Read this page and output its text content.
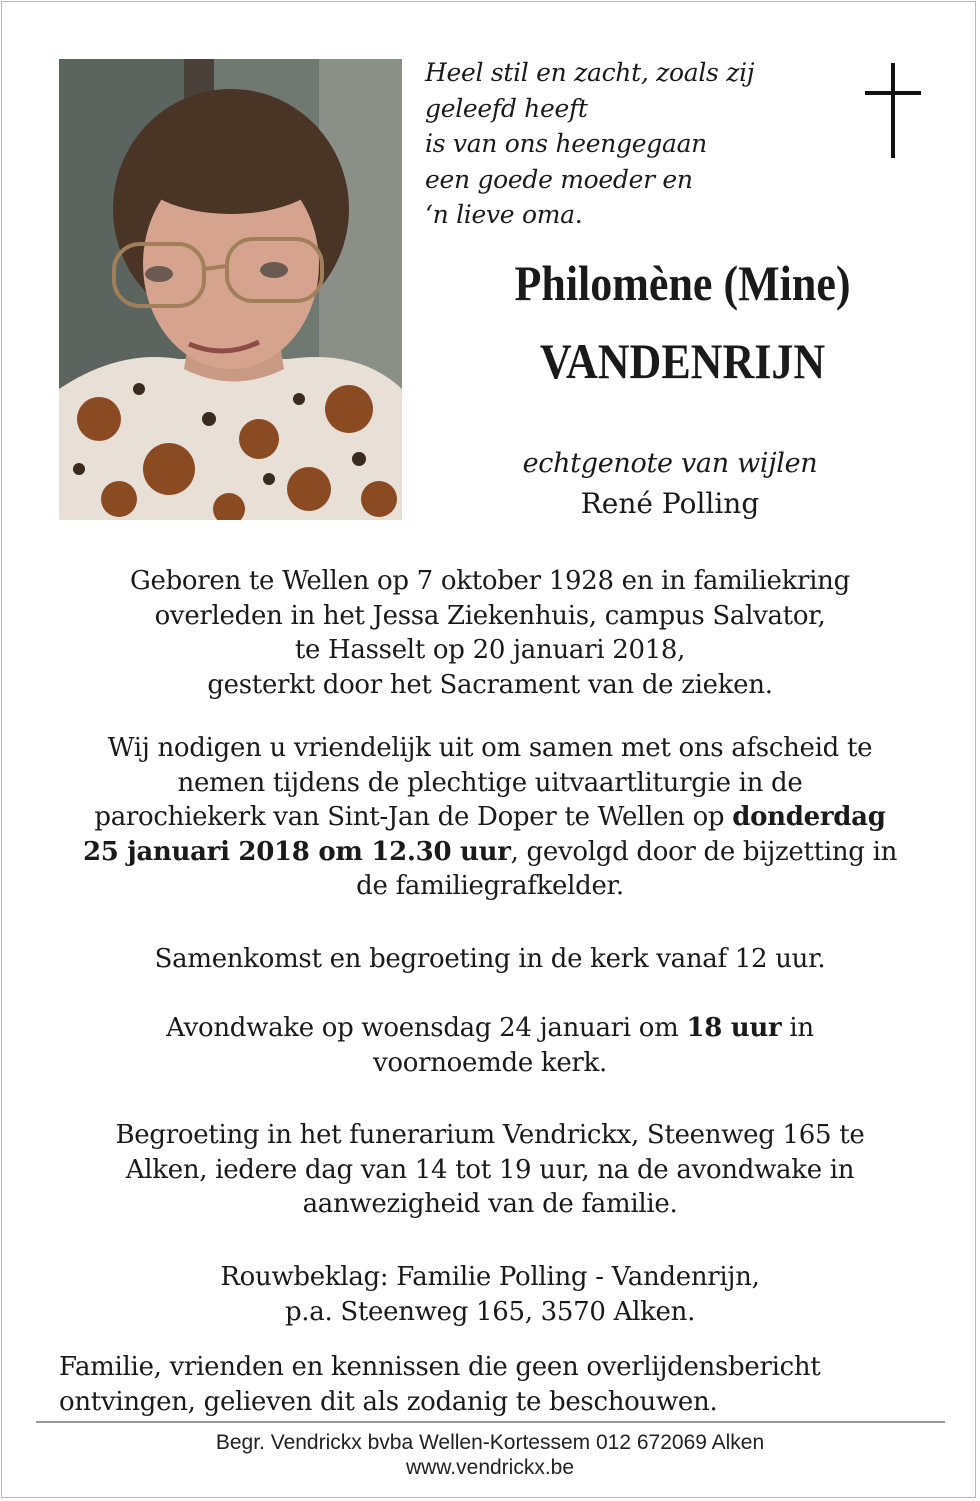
Heel stil en zacht, zoals zij
geleefd heeft
is van ons heengegaan
een goede moeder en
‘n lieve oma.
Philomène (Mine)
VANDENRIJN
echtgenote van wijlen
René Polling
Geboren te Wellen op 7 oktober 1928 en in familiekring
overleden in het Jessa Ziekenhuis, campus Salvator,
te Hasselt op 20 januari 2018,
gesterkt door het Sacrament van de zieken.
Wij nodigen u vriendelijk uit om samen met ons afscheid te
nemen tijdens de plechtige uitvaartliturgie in de
parochiekerk van Sint-Jan de Doper te Wellen op donderdag
25 januari 2018 om 12.30 uur, gevolgd door de bijzetting in
de familiegrafkelder.
Samenkomst en begroeting in de kerk vanaf 12 uur.
Avondwake op woensdag 24 januari om 18 uur in
voornoemde kerk.
Begroeting in het funerarium Vendrickx, Steenweg 165 te
Alken, iedere dag van 14 tot 19 uur, na de avondwake in
aanwezigheid van de familie.
Rouwbeklag: Familie Polling - Vandenrijn,
p.a. Steenweg 165, 3570 Alken.
Familie, vrienden en kennissen die geen overlijdensbericht
ontvingen, gelieven dit als zodanig te beschouwen.
Begr. Vendrickx bvba Wellen-Kortessem 012 672069 Alken
www.vendrickx.be
